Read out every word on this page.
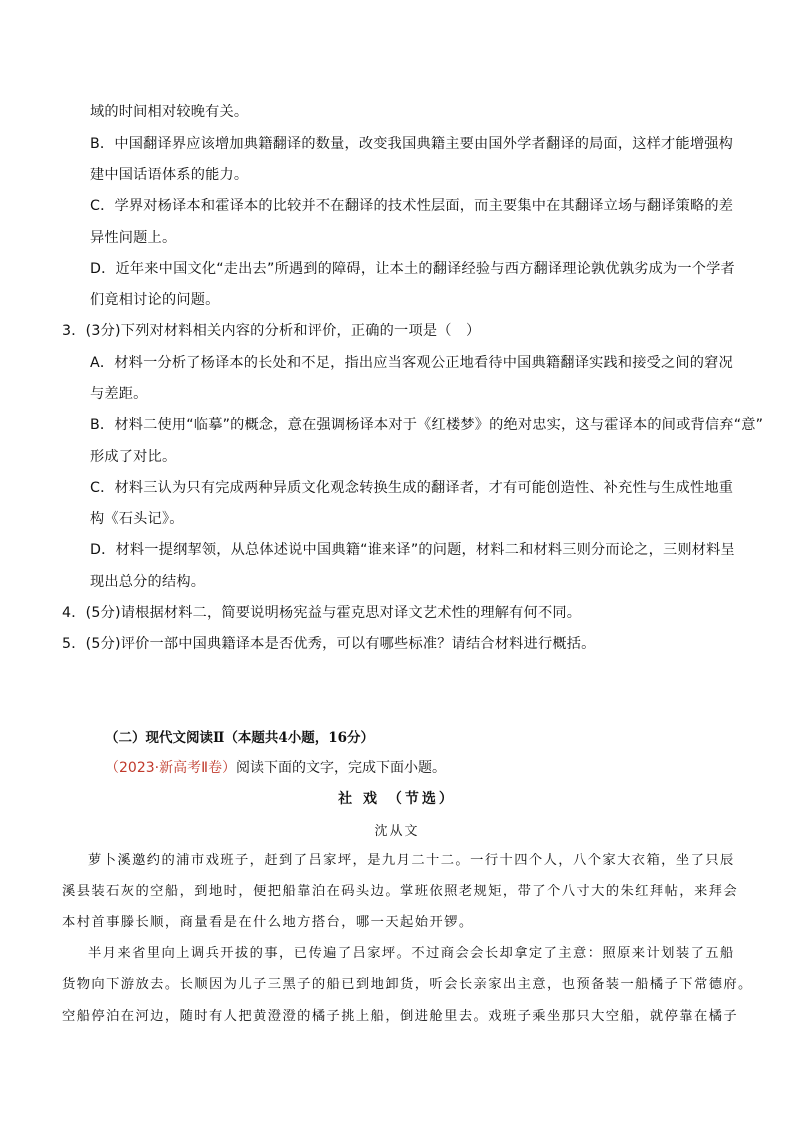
域的时间相对较晚有关。
B．中国翻译界应该增加典籍翻译的数量，改变我国典籍主要由国外学者翻译的局面，这样才能增强构
建中国话语体系的能力。
C．学界对杨译本和霍译本的比较并不在翻译的技术性层面，而主要集中在其翻译立场与翻译策略的差
异性问题上。
D．近年来中国文化“走出去”所遇到的障碍，让本土的翻译经验与西方翻译理论孰优孰劣成为一个学者
们竟相讨论的问题。
3．(3分)下列对材料相关内容的分析和评价，正确的一项是（　）
A．材料一分析了杨译本的长处和不足，指出应当客观公正地看待中国典籍翻译实践和接受之间的窘况
与差距。
B．材料二使用“临摹”的概念，意在强调杨译本对于《红楼梦》的绝对忠实，这与霍译本的间或背信弃“意”
形成了对比。
C．材料三认为只有完成两种异质文化观念转换生成的翻译者，才有可能创造性、补充性与生成性地重
构《石头记》。
D．材料一提纲挈领，从总体述说中国典籍“谁来译”的问题，材料二和材料三则分而论之，三则材料呈
现出总分的结构。
4．(5分)请根据材料二，简要说明杨宪益与霍克思对译文艺术性的理解有何不同。
5．(5分)评价一部中国典籍译本是否优秀，可以有哪些标准？请结合材料进行概括。
（二）现代文阅读Ⅱ（本题共4小题，16分）
（2023·新高考Ⅱ卷）阅读下面的文字，完成下面小题。
社 戏 （节选）
沈从文
萝卜溪邀约的浦市戏班子，赶到了吕家坪，是九月二十二。一行十四个人，八个家大衣箱，坐了只辰
溪县装石灰的空船，到地时，便把船靠泊在码头边。掌班依照老规矩，带了个八寸大的朱红拜帖，来拜会
本村首事滕长顺，商量看是在什么地方搭台，哪一天起始开锣。
半月来省里向上调兵开拔的事，已传遍了吕家坪。不过商会会长却拿定了主意：照原来计划装了五船
货物向下游放去。长顺因为儿子三黑子的船已到地卸货，听会长亲家出主意，也预备装一船橘子下常德府。
空船停泊在河边，随时有人把黄澄澄的橘子挑上船，倒进舱里去。戏班子乘坐那只大空船，就停靠在橘子
